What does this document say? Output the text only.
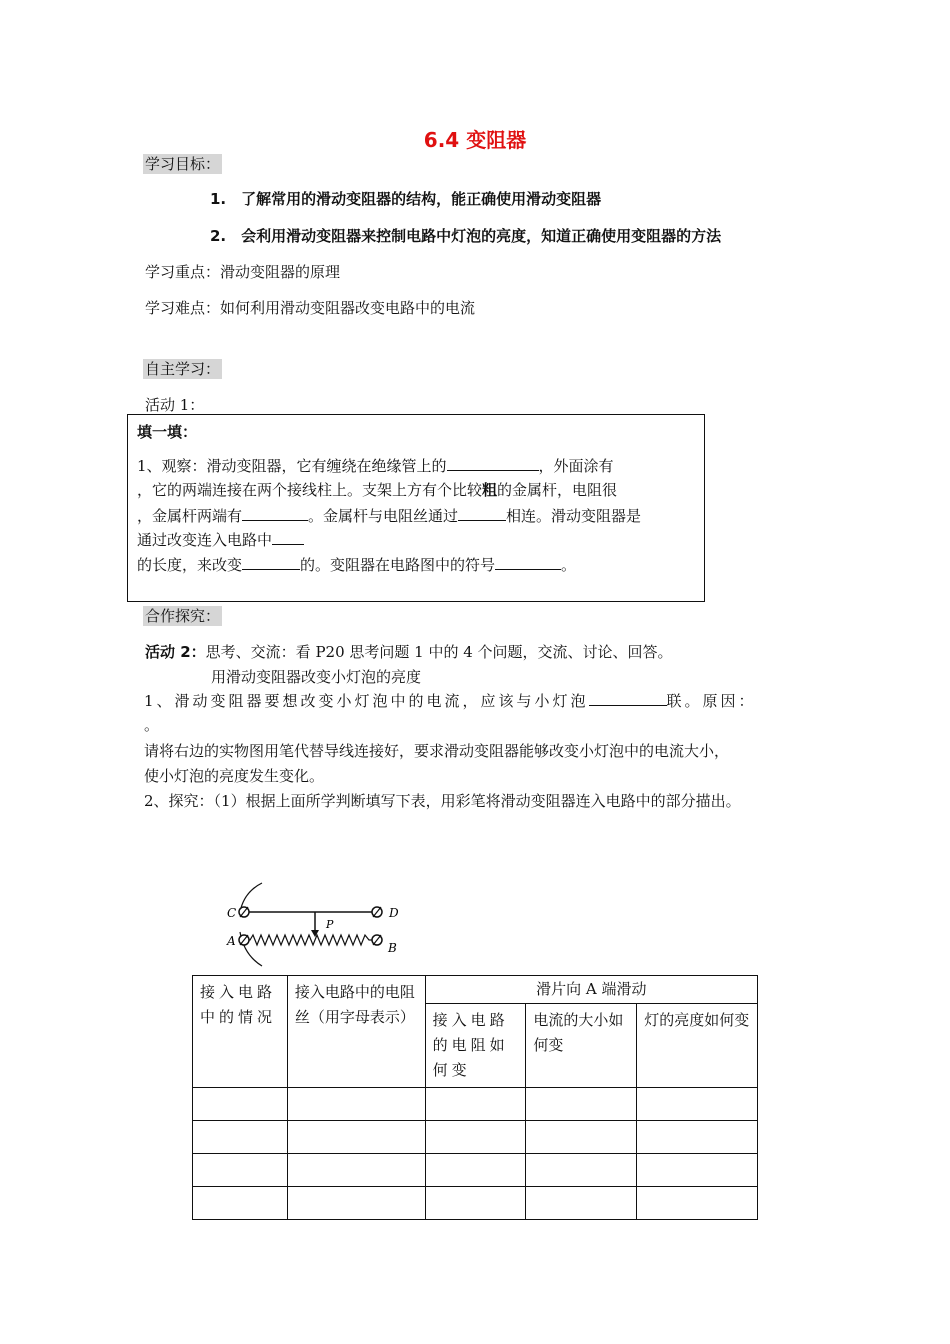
6.4 变阻器
学习目标：
1.　了解常用的滑动变阻器的结构，能正确使用滑动变阻器
2.　会利用滑动变阻器来控制电路中灯泡的亮度，知道正确使用变阻器的方法
学习重点：滑动变阻器的原理
学习难点：如何利用滑动变阻器改变电路中的电流
自主学习：
活动 1：
填一填：
1、观察：滑动变阻器，它有缠绕在绝缘管上的	，外面涂有
，它的两端连接在两个接线柱上。支架上方有个比较粗的金属杆，电阻很
，金属杆两端有	。金属杆与电阻丝通过	相连。滑动变阻器是
通过改变连入电路中
的长度，来改变	的。变阻器在电路图中的符号	。
合作探究：
活动 2：思考、交流：看 P20 思考问题 1 中的 4 个问题，交流、讨论、回答。
用滑动变阻器改变小灯泡的亮度
1、滑动变阻器要想改变小灯泡中的电流，应该与小灯泡	联。原因：
。
请将右边的实物图用笔代替导线连接好，要求滑动变阻器能够改变小灯泡中的电流大小，
使小灯泡的亮度发生变化。
2、探究：（1）根据上面所学判断填写下表，用彩笔将滑动变阻器连入电路中的部分描出。
C	D
A	B
P
接入电路中的情况	接入电路中的电阻丝（用字母表示）	滑片向 A 端滑动		
		接入电路的电阻如何变	电流的大小如何变	灯的亮度如何变
